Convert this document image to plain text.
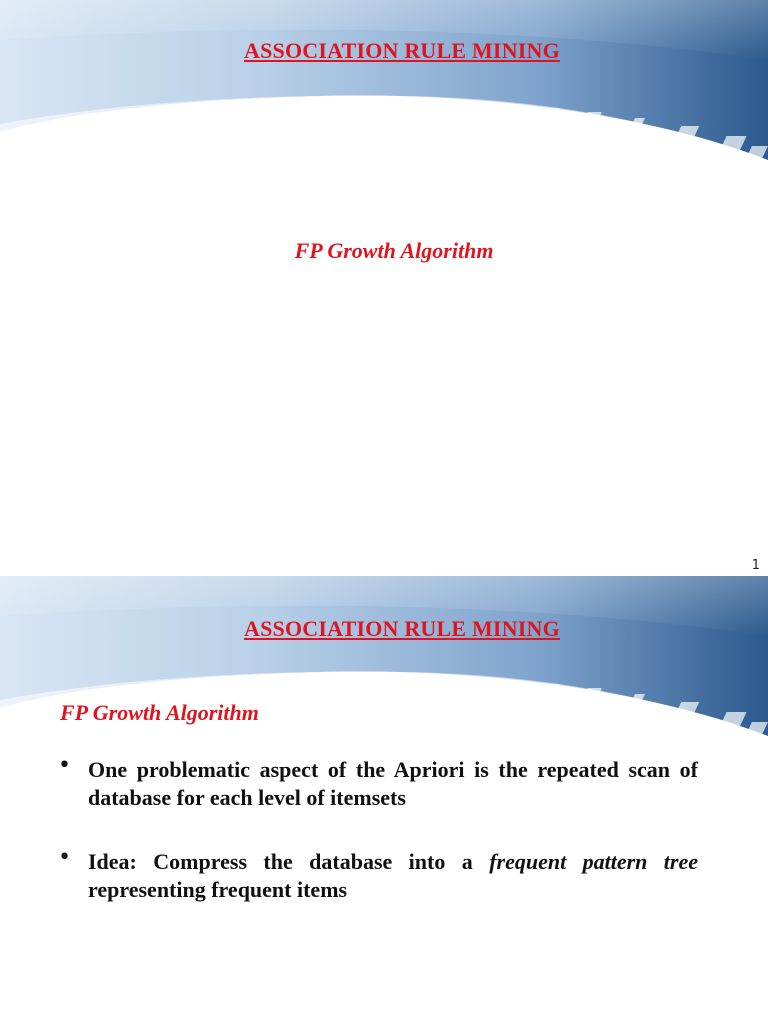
ASSOCIATION RULE MINING
FP Growth Algorithm
1
ASSOCIATION RULE MINING
FP Growth Algorithm
• One problematic aspect of the Apriori is the repeated scan of database for each level of itemsets
• Idea: Compress the database into a frequent pattern tree representing frequent items
